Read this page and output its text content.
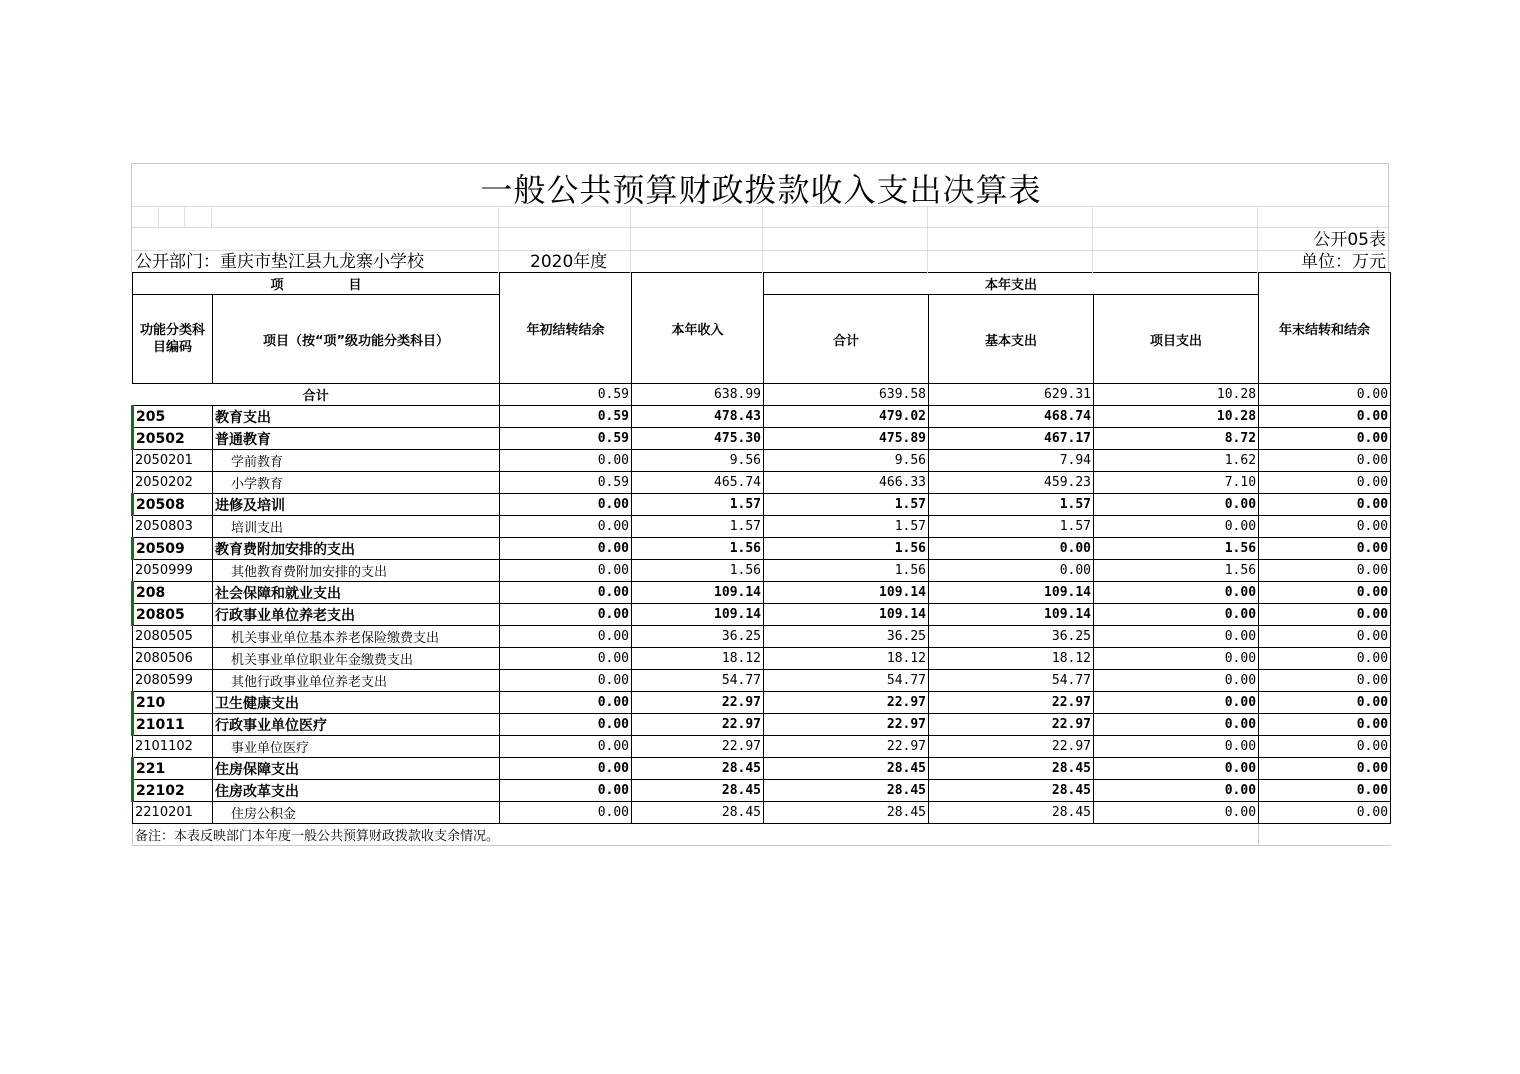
一般公共预算财政拨款收入支出决算表
公开05表
公开部门：重庆市垫江县九龙寨小学校	2020年度	单位：万元
项　　　　　目		年初结转结余	本年收入	本年支出			年末结转和结余
功能分类科目编码	项目（按“项”级功能分类科目）			合计	基本支出	项目支出	
合计		0.59	638.99	639.58	629.31	10.28	0.00
205	教育支出	0.59	478.43	479.02	468.74	10.28	0.00
20502	普通教育	0.59	475.30	475.89	467.17	8.72	0.00
2050201	学前教育	0.00	9.56	9.56	7.94	1.62	0.00
2050202	小学教育	0.59	465.74	466.33	459.23	7.10	0.00
20508	进修及培训	0.00	1.57	1.57	1.57	0.00	0.00
2050803	培训支出	0.00	1.57	1.57	1.57	0.00	0.00
20509	教育费附加安排的支出	0.00	1.56	1.56	0.00	1.56	0.00
2050999	其他教育费附加安排的支出	0.00	1.56	1.56	0.00	1.56	0.00
208	社会保障和就业支出	0.00	109.14	109.14	109.14	0.00	0.00
20805	行政事业单位养老支出	0.00	109.14	109.14	109.14	0.00	0.00
2080505	机关事业单位基本养老保险缴费支出	0.00	36.25	36.25	36.25	0.00	0.00
2080506	机关事业单位职业年金缴费支出	0.00	18.12	18.12	18.12	0.00	0.00
2080599	其他行政事业单位养老支出	0.00	54.77	54.77	54.77	0.00	0.00
210	卫生健康支出	0.00	22.97	22.97	22.97	0.00	0.00
21011	行政事业单位医疗	0.00	22.97	22.97	22.97	0.00	0.00
2101102	事业单位医疗	0.00	22.97	22.97	22.97	0.00	0.00
221	住房保障支出	0.00	28.45	28.45	28.45	0.00	0.00
22102	住房改革支出	0.00	28.45	28.45	28.45	0.00	0.00
2210201	住房公积金	0.00	28.45	28.45	28.45	0.00	0.00
备注：本表反映部门本年度一般公共预算财政拨款收支余情况。							
